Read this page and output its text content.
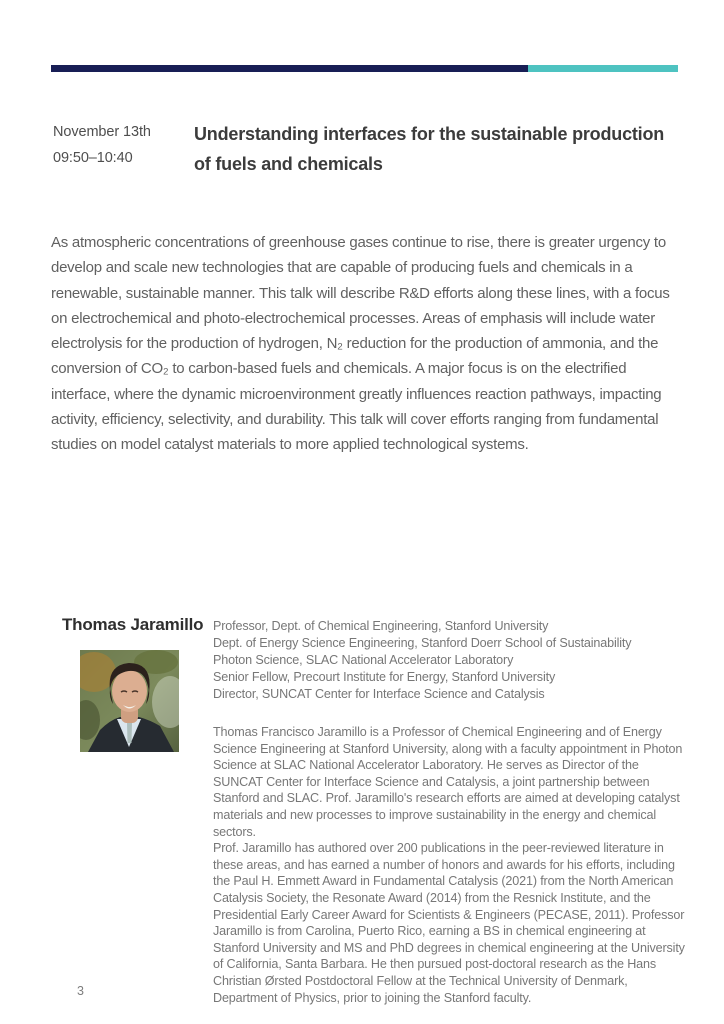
November 13th
09:50–10:40
Understanding interfaces for the sustainable production
of fuels and chemicals

As atmospheric concentrations of greenhouse gases continue to rise, there is greater urgency to develop and scale new technologies that are capable of producing fuels and chemicals in a renewable, sustainable manner. This talk will describe R&D efforts along these lines, with a focus on electrochemical and photo-electrochemical processes. Areas of emphasis will include water electrolysis for the production of hydrogen, N₂ reduction for the production of ammonia, and the conversion of CO₂ to carbon-based fuels and chemicals. A major focus is on the electrified interface, where the dynamic microenvironment greatly influences reaction pathways, impacting activity, efficiency, selectivity, and durability. This talk will cover efforts ranging from fundamental studies on model catalyst materials to more applied technological systems.

Thomas Jaramillo Professor, Dept. of Chemical Engineering, Stanford University
Dept. of Energy Science Engineering, Stanford Doerr School of Sustainability
Photon Science, SLAC National Accelerator Laboratory
Senior Fellow, Precourt Institute for Energy, Stanford University
Director, SUNCAT Center for Interface Science and Catalysis

Thomas Francisco Jaramillo is a Professor of Chemical Engineering and of Energy Science Engineering at Stanford University, along with a faculty appointment in Photon Science at SLAC National Accelerator Laboratory. He serves as Director of the SUNCAT Center for Interface Science and Catalysis, a joint partnership between Stanford and SLAC. Prof. Jaramillo's research efforts are aimed at developing catalyst materials and new processes to improve sustainability in the energy and chemical sectors.

Prof. Jaramillo has authored over 200 publications in the peer-reviewed literature in these areas, and has earned a number of honors and awards for his efforts, including the Paul H. Emmett Award in Fundamental Catalysis (2021) from the North American Catalysis Society, the Resonate Award (2014) from the Resnick Institute, and the Presidential Early Career Award for Scientists & Engineers (PECASE, 2011). Professor Jaramillo is from Carolina, Puerto Rico, earning a BS in chemical engineering at Stanford University and MS and PhD degrees in chemical engineering at the University of California, Santa Barbara. He then pursued post-doctoral research as the Hans Christian Ørsted Postdoctoral Fellow at the Technical University of Denmark, Department of Physics, prior to joining the Stanford faculty.

3
